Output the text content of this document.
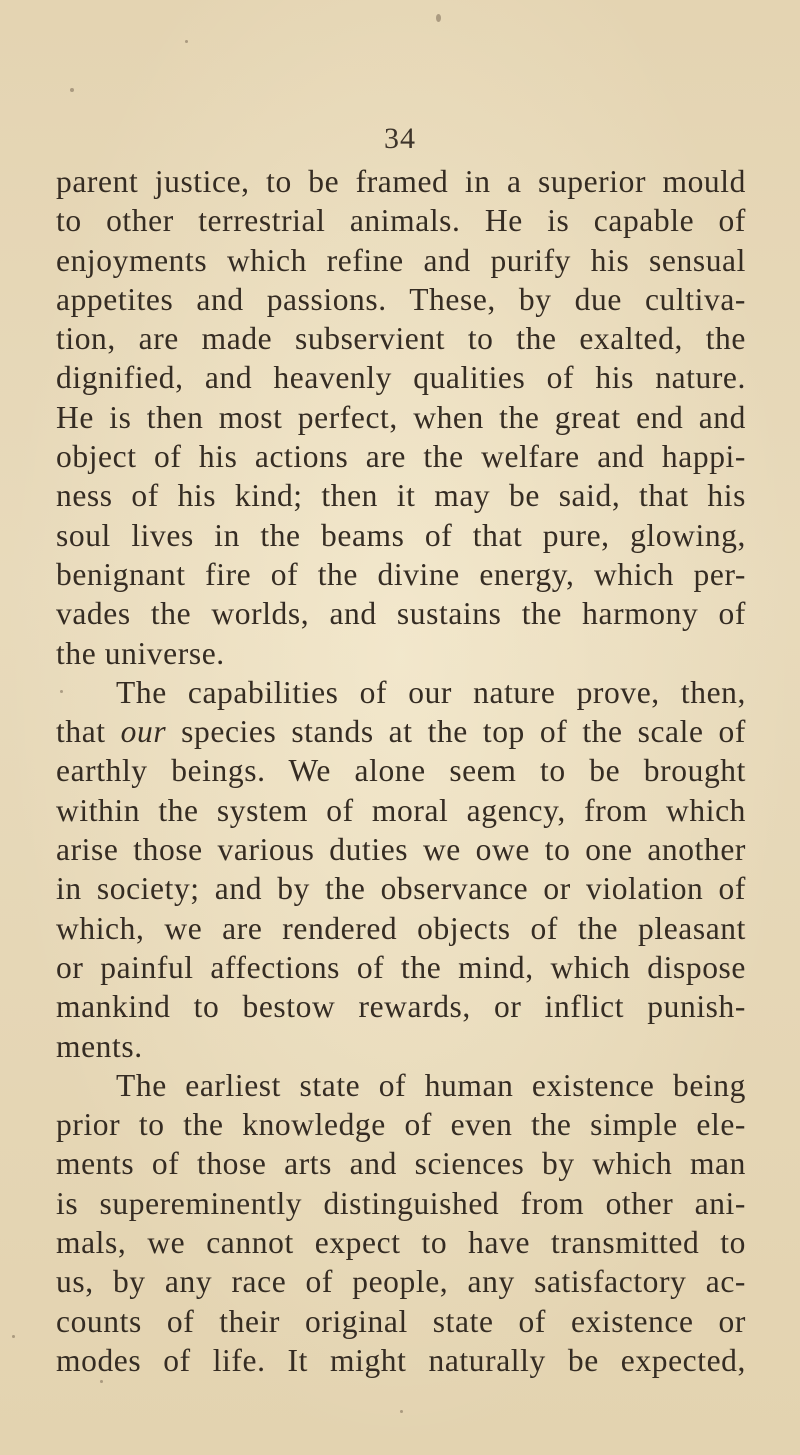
34
parent justice, to be framed in a superior mould
to other terrestrial animals. He is capable of
enjoyments which refine and purify his sensual
appetites and passions. These, by due cultiva-
tion, are made subservient to the exalted, the
dignified, and heavenly qualities of his nature.
He is then most perfect, when the great end and
object of his actions are the welfare and happi-
ness of his kind; then it may be said, that his
soul lives in the beams of that pure, glowing,
benignant fire of the divine energy, which per-
vades the worlds, and sustains the harmony of
the universe.
The capabilities of our nature prove, then,
that our species stands at the top of the scale of
earthly beings. We alone seem to be brought
within the system of moral agency, from which
arise those various duties we owe to one another
in society; and by the observance or violation of
which, we are rendered objects of the pleasant
or painful affections of the mind, which dispose
mankind to bestow rewards, or inflict punish-
ments.
The earliest state of human existence being
prior to the knowledge of even the simple ele-
ments of those arts and sciences by which man
is supereminently distinguished from other ani-
mals, we cannot expect to have transmitted to
us, by any race of people, any satisfactory ac-
counts of their original state of existence or
modes of life. It might naturally be expected,
